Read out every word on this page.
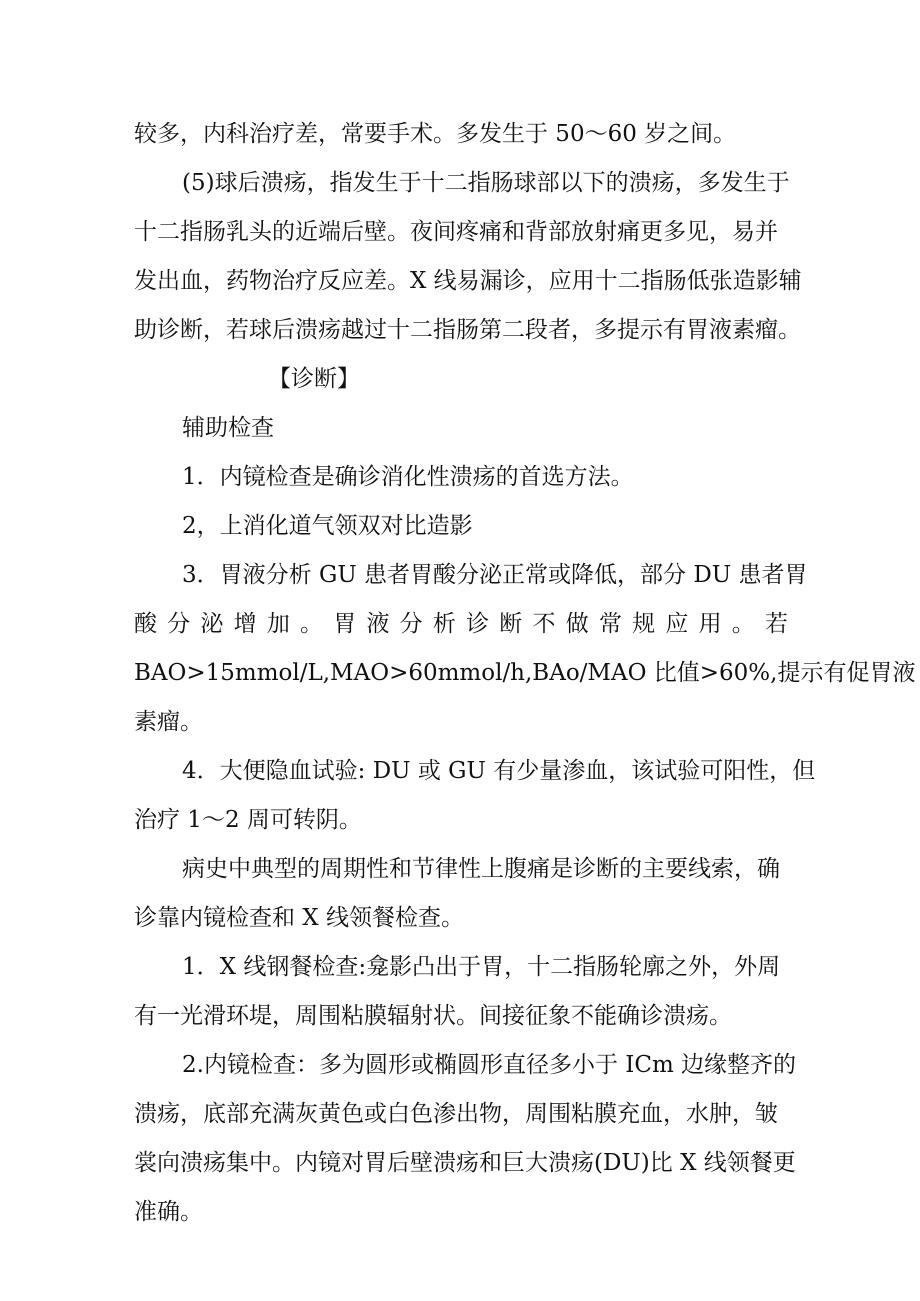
较多，内科治疗差，常要手术。多发生于 50～60 岁之间。
(5)球后溃疡，指发生于十二指肠球部以下的溃疡，多发生于
十二指肠乳头的近端后壁。夜间疼痛和背部放射痛更多见，易并
发出血，药物治疗反应差。X 线易漏诊，应用十二指肠低张造影辅
助诊断，若球后溃疡越过十二指肠第二段者，多提示有胃液素瘤。
【诊断】
辅助检查
1．内镜检查是确诊消化性溃疡的首选方法。
2，上消化道气领双对比造影
3．胃液分析 GU 患者胃酸分泌正常或降低，部分 DU 患者胃
酸 分 泌 增 加 。 胃 液 分 析 诊 断 不 做 常 规 应 用 。 若
BAO>15mmol/L,MAO>60mmol/h,BAo/MAO 比值>60%,提示有促胃液
素瘤。
4．大便隐血试验: DU 或 GU 有少量渗血，该试验可阳性，但
治疗 1～2 周可转阴。
病史中典型的周期性和节律性上腹痛是诊断的主要线索，确
诊靠内镜检查和 X 线领餐检查。
1．X 线钢餐检查:龛影凸出于胃，十二指肠轮廓之外，外周
有一光滑环堤，周围粘膜辐射状。间接征象不能确诊溃疡。
2.内镜检查：多为圆形或椭圆形直径多小于 ICm 边缘整齐的
溃疡，底部充满灰黄色或白色渗出物，周围粘膜充血，水肿，皱
裳向溃疡集中。内镜对胃后壁溃疡和巨大溃疡(DU)比 X 线领餐更
准确。
